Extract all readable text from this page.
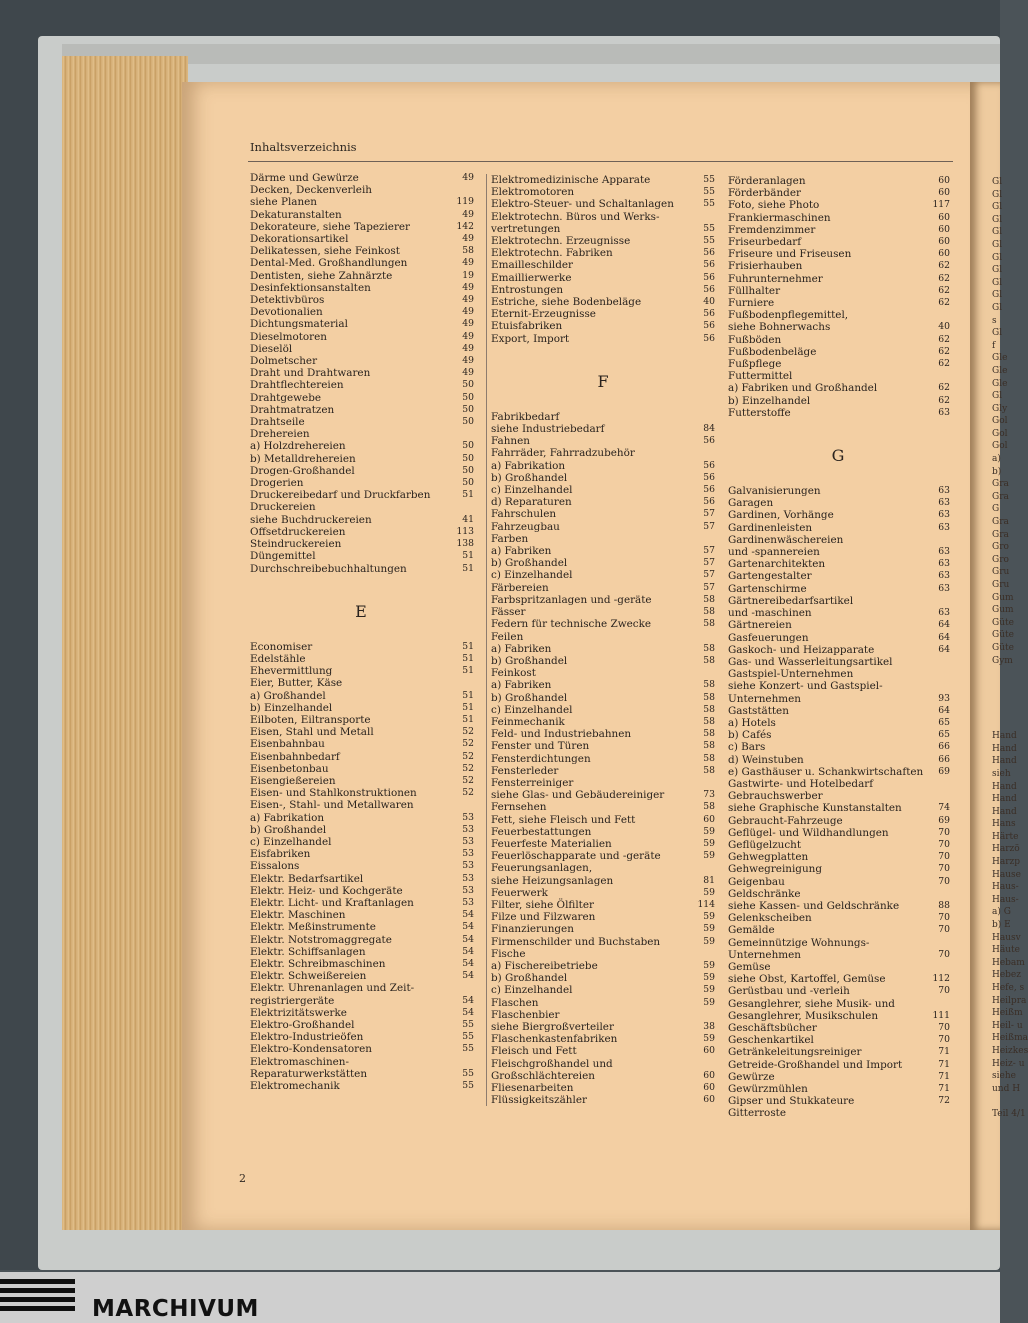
Gl
Gl
Gl
Gl
Gl
Gl
Gl
Gl
Gl
Gl
Gl
s
Gl
f
Gle
Gle
Gle
Gl
Gly
Gol
Gol
Gol
a)
b)
Gra
Gra
G
Gra
Gra
Gro
Gro
Gru
Gru
Gum
Gum
Güte
Güte
Güte
Gym
Hand
Hand
Hand
sieh
Hand
Hand
Hand
Hans
Härte
Harzö
Harzp
Hause
Haus-
Haus-
a) G
b) E
Hausv
Häute
Hebam
Hebez
Hefe, s
Heilpra
Heißm
Heil- u
Heißma
Heizkes
Heiz- u
siehe
und H
Teil 4/1
Inhaltsverzeichnis
Därme und Gewürze	49
Decken, Deckenverleih
siehe Planen	119
Dekaturanstalten	49
Dekorateure, siehe Tapezierer	142
Dekorationsartikel	49
Delikatessen, siehe Feinkost	58
Dental-Med. Großhandlungen	49
Dentisten, siehe Zahnärzte	19
Desinfektionsanstalten	49
Detektivbüros	49
Devotionalien	49
Dichtungsmaterial	49
Dieselmotoren	49
Dieselöl	49
Dolmetscher	49
Draht und Drahtwaren	49
Drahtflechtereien	50
Drahtgewebe	50
Drahtmatratzen	50
Drahtseile	50
Drehereien
a) Holzdrehereien	50
b) Metalldrehereien	50
Drogen-Großhandel	50
Drogerien	50
Druckereibedarf und Druckfarben	51
Druckereien
siehe Buchdruckereien	41
Offsetdruckereien	113
Steindruckereien	138
Düngemittel	51
Durchschreibebuchhaltungen	51
E
Economiser	51
Edelstähle	51
Ehevermittlung	51
Eier, Butter, Käse
a) Großhandel	51
b) Einzelhandel	51
Eilboten, Eiltransporte	51
Eisen, Stahl und Metall	52
Eisenbahnbau	52
Eisenbahnbedarf	52
Eisenbetonbau	52
Eisengießereien	52
Eisen- und Stahlkonstruktionen	52
Eisen-, Stahl- und Metallwaren
a) Fabrikation	53
b) Großhandel	53
c) Einzelhandel	53
Eisfabriken	53
Eissalons	53
Elektr. Bedarfsartikel	53
Elektr. Heiz- und Kochgeräte	53
Elektr. Licht- und Kraftanlagen	53
Elektr. Maschinen	54
Elektr. Meßinstrumente	54
Elektr. Notstromaggregate	54
Elektr. Schiffsanlagen	54
Elektr. Schreibmaschinen	54
Elektr. Schweißereien	54
Elektr. Uhrenanlagen und Zeit-
registriergeräte	54
Elektrizitätswerke	54
Elektro-Großhandel	55
Elektro-Industrieöfen	55
Elektro-Kondensatoren	55
Elektromaschinen-
Reparaturwerkstätten	55
Elektromechanik	55
Elektromedizinische Apparate	55
Elektromotoren	55
Elektro-Steuer- und Schaltanlagen	55
Elektrotechn. Büros und Werks-
vertretungen	55
Elektrotechn. Erzeugnisse	55
Elektrotechn. Fabriken	56
Emailleschilder	56
Emaillierwerke	56
Entrostungen	56
Estriche, siehe Bodenbeläge	40
Eternit-Erzeugnisse	56
Etuisfabriken	56
Export, Import	56
F
Fabrikbedarf
siehe Industriebedarf	84
Fahnen	56
Fahrräder, Fahrradzubehör
a) Fabrikation	56
b) Großhandel	56
c) Einzelhandel	56
d) Reparaturen	56
Fahrschulen	57
Fahrzeugbau	57
Farben
a) Fabriken	57
b) Großhandel	57
c) Einzelhandel	57
Färbereien	57
Farbspritzanlagen und -geräte	58
Fässer	58
Federn für technische Zwecke	58
Feilen
a) Fabriken	58
b) Großhandel	58
Feinkost
a) Fabriken	58
b) Großhandel	58
c) Einzelhandel	58
Feinmechanik	58
Feld- und Industriebahnen	58
Fenster und Türen	58
Fensterdichtungen	58
Fensterleder	58
Fensterreiniger
siehe Glas- und Gebäudereiniger	73
Fernsehen	58
Fett, siehe Fleisch und Fett	60
Feuerbestattungen	59
Feuerfeste Materialien	59
Feuerlöschapparate und -geräte	59
Feuerungsanlagen,
siehe Heizungsanlagen	81
Feuerwerk	59
Filter, siehe Ölfilter	114
Filze und Filzwaren	59
Finanzierungen	59
Firmenschilder und Buchstaben	59
Fische
a) Fischereibetriebe	59
b) Großhandel	59
c) Einzelhandel	59
Flaschen	59
Flaschenbier
siehe Biergroßverteiler	38
Flaschenkastenfabriken	59
Fleisch und Fett	60
Fleischgroßhandel und
Großschlächtereien	60
Fliesenarbeiten	60
Flüssigkeitszähler	60
Förderanlagen	60
Förderbänder	60
Foto, siehe Photo	117
Frankiermaschinen	60
Fremdenzimmer	60
Friseurbedarf	60
Friseure und Friseusen	60
Frisierhauben	62
Fuhrunternehmer	62
Füllhalter	62
Furniere	62
Fußbodenpflegemittel,
siehe Bohnerwachs	40
Fußböden	62
Fußbodenbeläge	62
Fußpflege	62
Futtermittel
a) Fabriken und Großhandel	62
b) Einzelhandel	62
Futterstoffe	63
G
Galvanisierungen	63
Garagen	63
Gardinen, Vorhänge	63
Gardinenleisten	63
Gardinenwäschereien
und -spannereien	63
Gartenarchitekten	63
Gartengestalter	63
Gartenschirme	63
Gärtnereibedarfsartikel
und -maschinen	63
Gärtnereien	64
Gasfeuerungen	64
Gaskoch- und Heizapparate	64
Gas- und Wasserleitungsartikel
Gastspiel-Unternehmen
siehe Konzert- und Gastspiel-
Unternehmen	93
Gaststätten	64
a) Hotels	65
b) Cafés	65
c) Bars	66
d) Weinstuben	66
e) Gasthäuser u. Schankwirtschaften 69
Gastwirte- und Hotelbedarf
Gebrauchswerber
siehe Graphische Kunstanstalten	74
Gebraucht-Fahrzeuge	69
Geflügel- und Wildhandlungen	70
Geflügelzucht	70
Gehwegplatten	70
Gehwegreinigung	70
Geigenbau	70
Geldschränke
siehe Kassen- und Geldschränke	88
Gelenkscheiben	70
Gemälde	70
Gemeinnützige Wohnungs-Unternehmen	70
Gemüse
siehe Obst, Kartoffel, Gemüse	112
Gerüstbau und -verleih	70
Gesanglehrer, siehe Musik- und
Gesanglehrer, Musikschulen	111
Geschäftsbücher	70
Geschenkartikel	70
Getränkeleitungsreiniger	71
Getreide-Großhandel und Import	71
Gewürze	71
Gewürzmühlen	71
Gipser und Stukkateure	72
Gitterroste
2
MARCHIVUM
